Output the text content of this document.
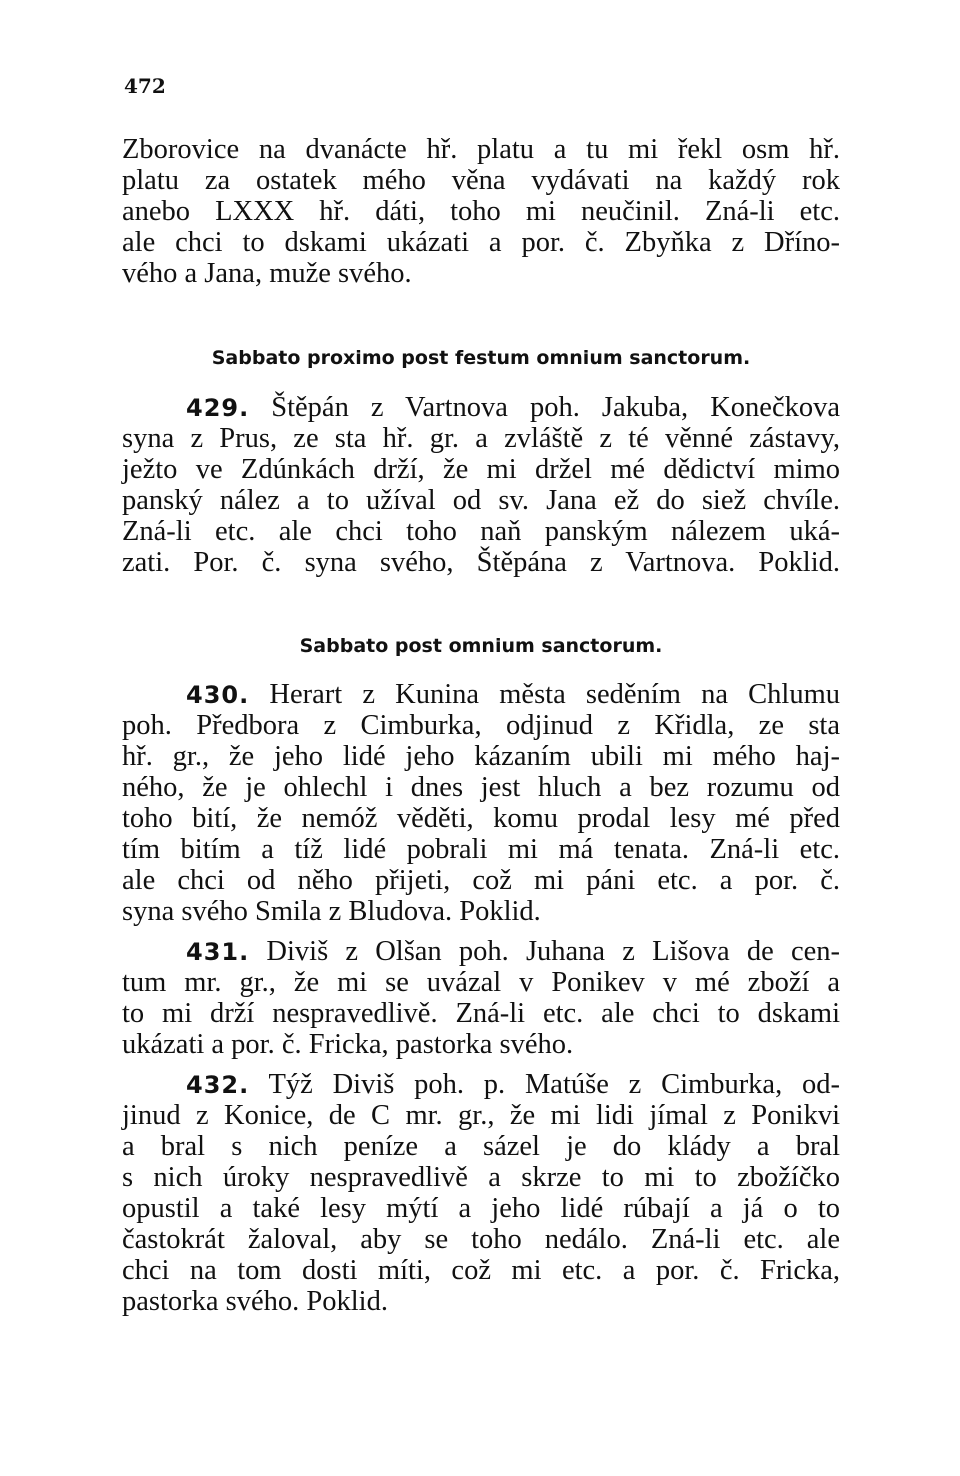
472
Zborovice na dvanácte hř. platu a tu mi řekl osm hř.
platu za ostatek mého věna vydávati na každý rok
anebo LXXX hř. dáti, toho mi neučinil. Zná-li etc.
ale chci to dskami ukázati a por. č. Zbyňka z Dříno-
vého a Jana, muže svého.
Sabbato proximo post festum omnium sanctorum.
429. Štěpán z Vartnova poh. Jakuba, Konečkova
syna z Prus, ze sta hř. gr. a zvláště z té věnné zástavy,
ježto ve Zdúnkách drží, že mi držel mé dědictví mimo
panský nález a to užíval od sv. Jana ež do siež chvíle.
Zná-li etc. ale chci toho naň panským nálezem uká-
zati. Por. č. syna svého, Štěpána z Vartnova. Poklid.
Sabbato post omnium sanctorum.
430. Herart z Kunina města seděním na Chlumu
poh. Předbora z Cimburka, odjinud z Křidla, ze sta
hř. gr., že jeho lidé jeho kázaním ubili mi mého haj-
ného, že je ohlechl i dnes jest hluch a bez rozumu od
toho bití, že nemóž věděti, komu prodal lesy mé před
tím bitím a tíž lidé pobrali mi má tenata. Zná-li etc.
ale chci od něho přijeti, což mi páni etc. a por. č.
syna svého Smila z Bludova. Poklid.
431. Diviš z Olšan poh. Juhana z Lišova de cen-
tum mr. gr., že mi se uvázal v Ponikev v mé zboží a
to mi drží nespravedlivě. Zná-li etc. ale chci to dskami
ukázati a por. č. Fricka, pastorka svého.
432. Týž Diviš poh. p. Matúše z Cimburka, od-
jinud z Konice, de C mr. gr., že mi lidi jímal z Ponikvi
a bral s nich peníze a sázel je do klády a bral
s nich úroky nespravedlivě a skrze to mi to zbožíčko
opustil a také lesy mýtí a jeho lidé rúbají a já o to
častokrát žaloval, aby se toho nedálo. Zná-li etc. ale
chci na tom dosti míti, což mi etc. a por. č. Fricka,
pastorka svého. Poklid.
